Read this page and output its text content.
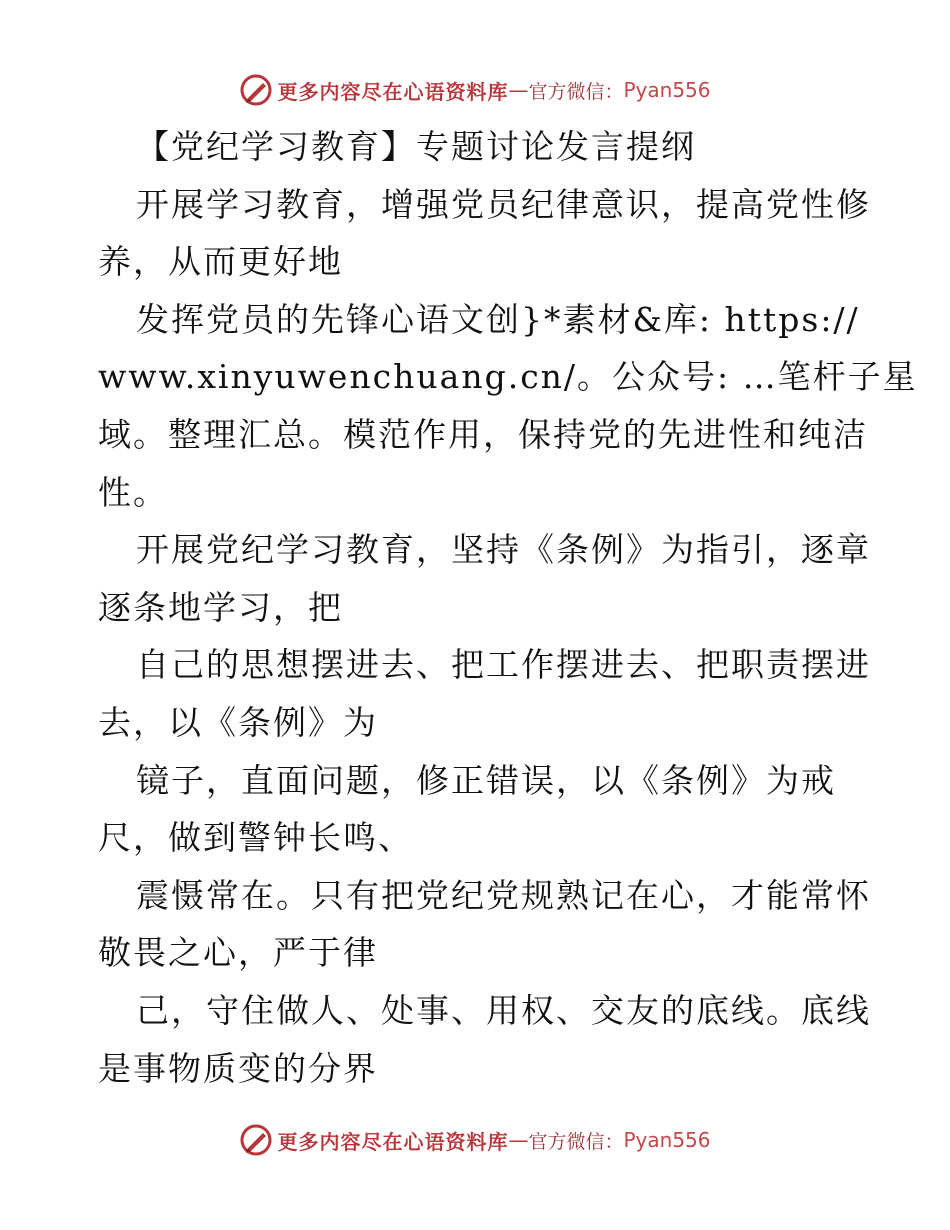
更多内容尽在心语资料库 — 官方微信： Pyan556
【党纪学习教育】专题讨论发言提纲
开展学习教育，增强党员纪律意识，提高党性修
养，从而更好地
发挥党员的先锋心语文创}*素材&库: https://
www.xinyuwenchuang.cn/。公众号: …笔杆子星
域。整理汇总。模范作用，保持党的先进性和纯洁
性。
开展党纪学习教育，坚持《条例》为指引，逐章
逐条地学习，把
自己的思想摆进去、把工作摆进去、把职责摆进
去，以《条例》为
镜子，直面问题，修正错误，以《条例》为戒
尺，做到警钟长鸣、
震慑常在。只有把党纪党规熟记在心，才能常怀
敬畏之心，严于律
己，守住做人、处事、用权、交友的底线。底线
是事物质变的分界
更多内容尽在心语资料库 — 官方微信： Pyan556
